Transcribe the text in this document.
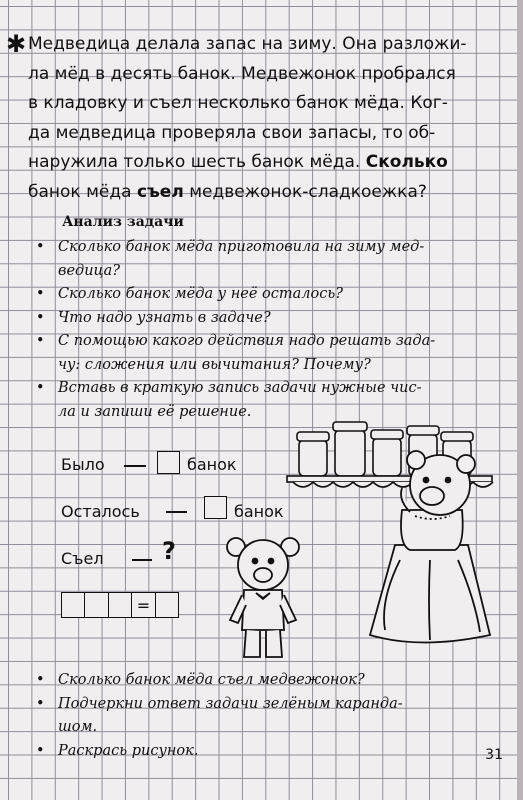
✱ Медведица делала запас на зиму. Она разложи-
ла мёд в десять банок. Медвежонок пробрался
в кладовку и съел несколько банок мёда. Ког-
да медведица проверяла свои запасы, то об-
наружила только шесть банок мёда. Сколько
банок мёда съел медвежонок-сладкоежка?

Анализ задачи
• Сколько банок мёда приготовила на зиму мед-
ведица?
• Сколько банок мёда у неё осталось?
• Что надо узнать в задаче?
• С помощью какого действия надо решать зада-
чу: сложения или вычитания? Почему?
• Вставь в краткую запись задачи нужные чис-
ла и запиши её решение.
Было	банок
Осталось	банок
Съел ?
=
• Сколько банок мёда съел медвежонок?
• Подчеркни ответ задачи зелёным каранда-
шом.
• Раскрась рисунок.	31
